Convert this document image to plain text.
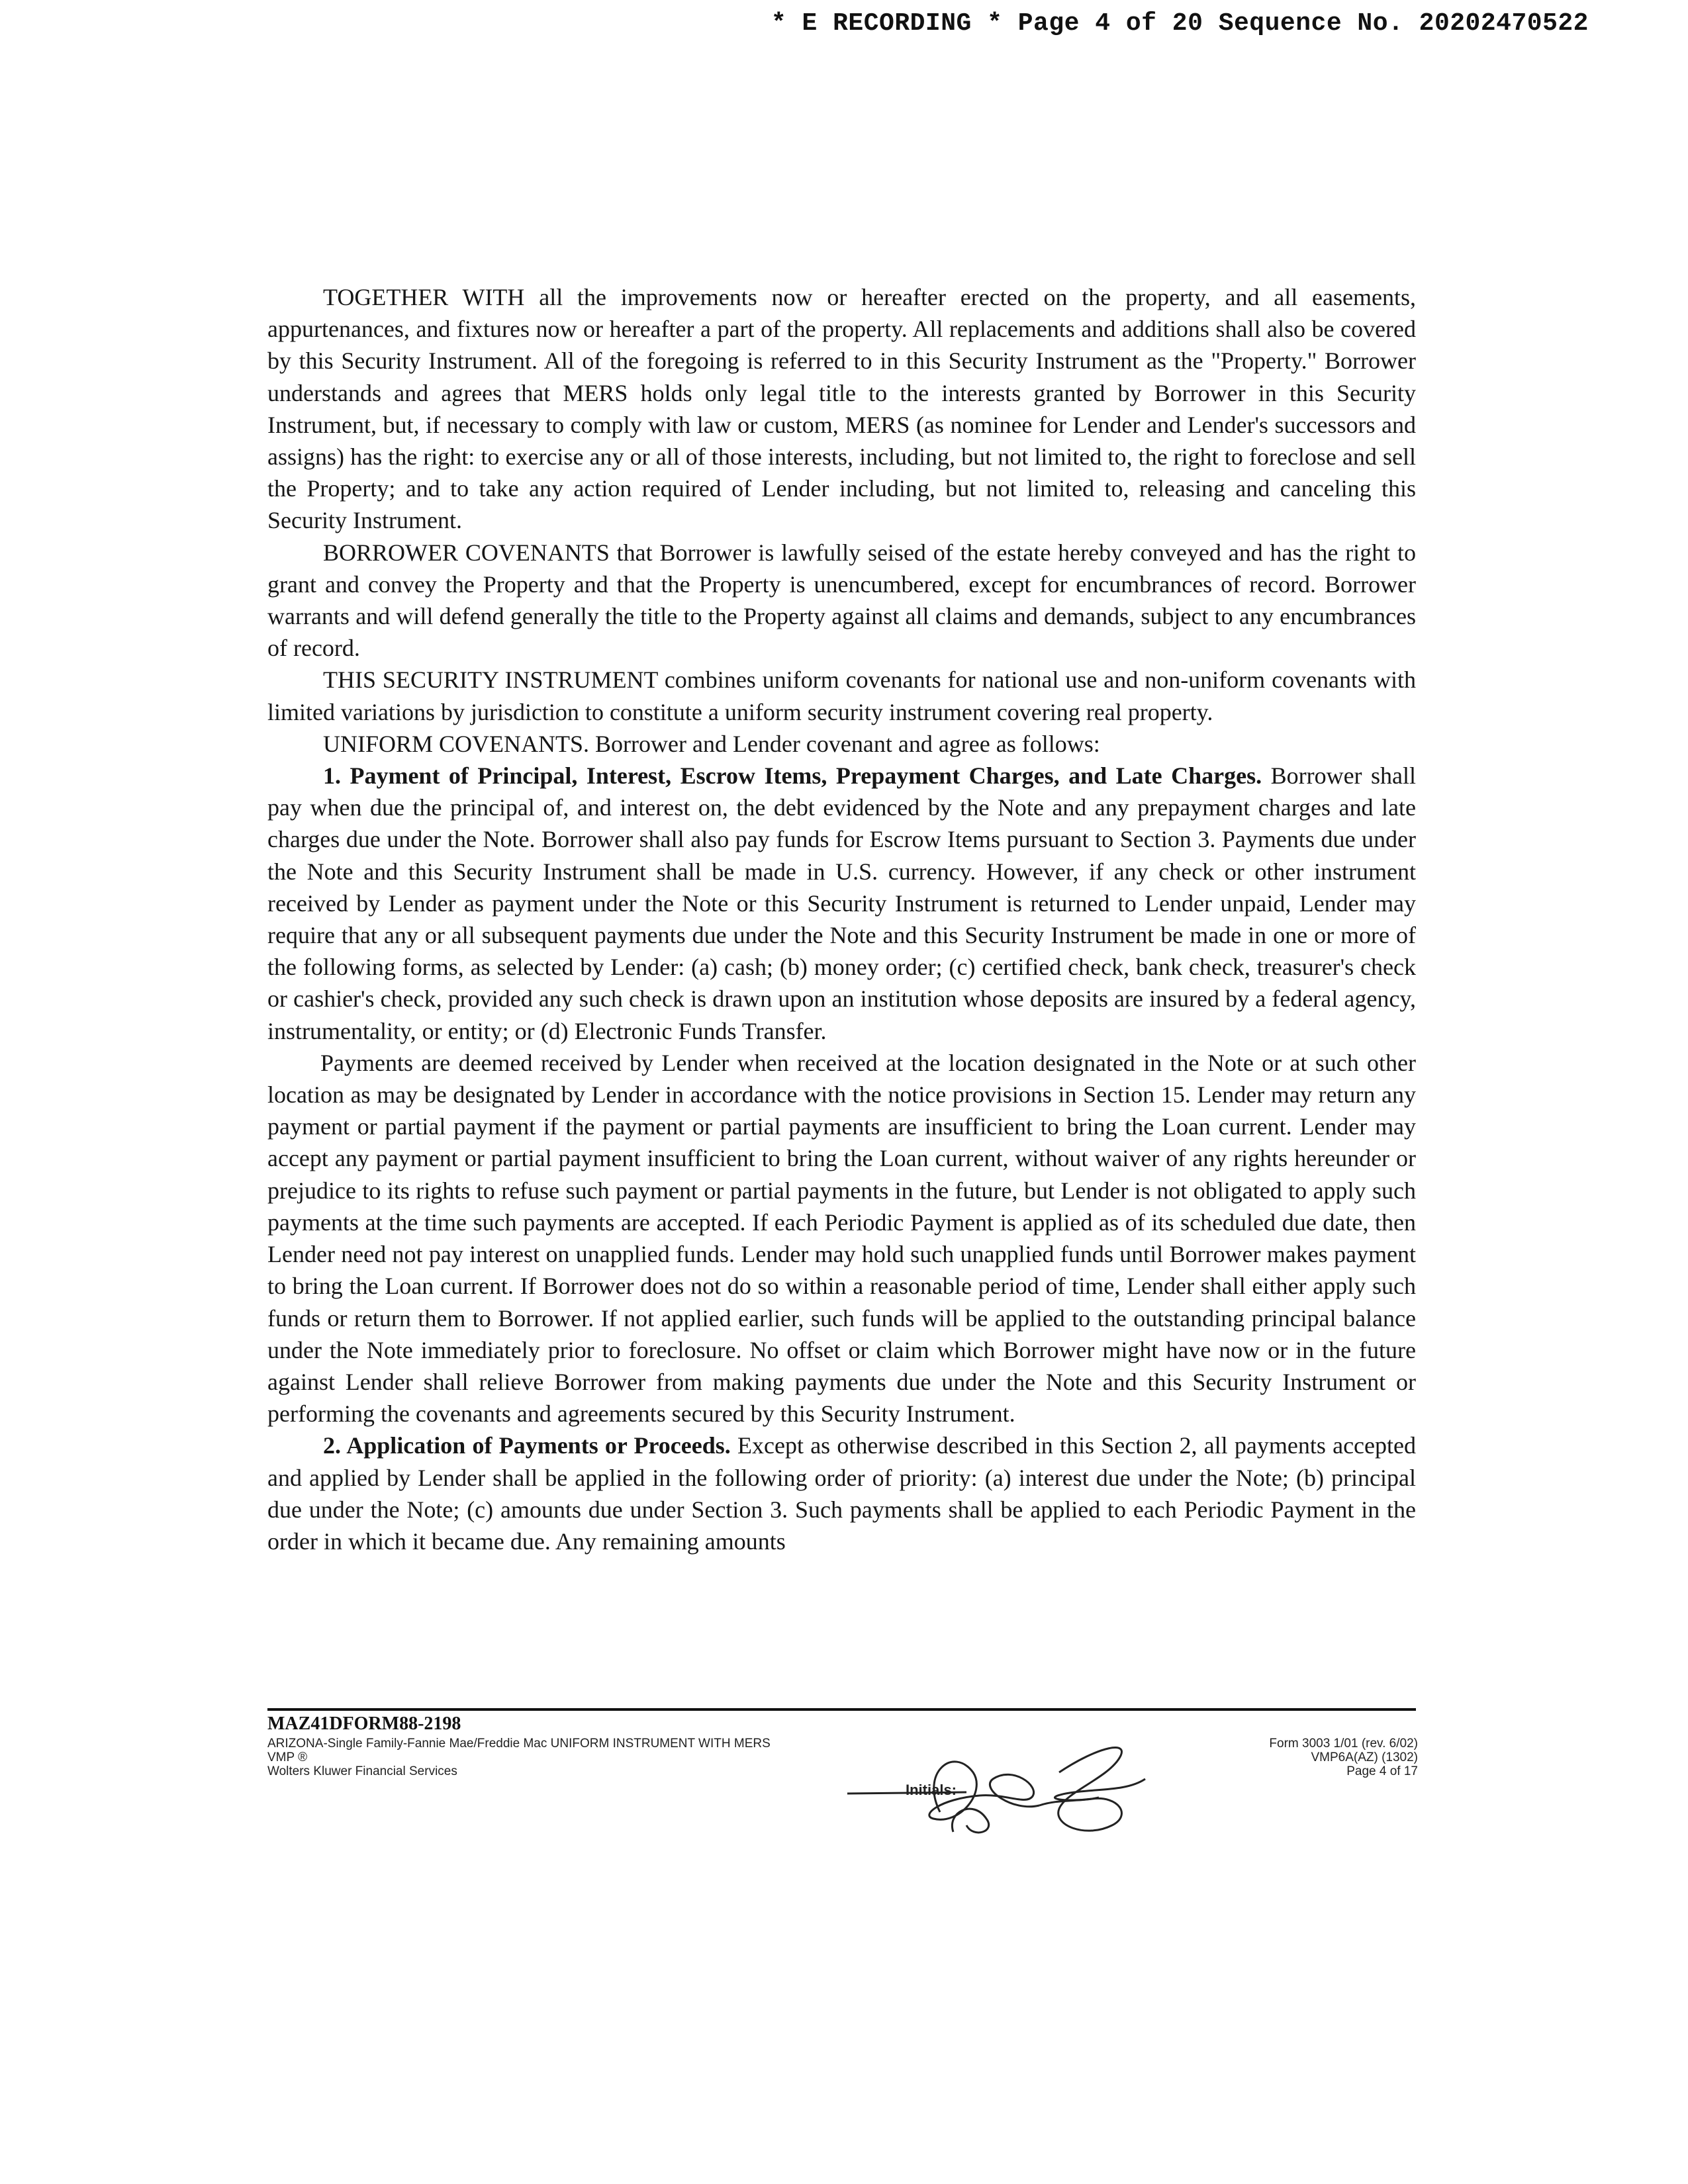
* E RECORDING * Page 4 of 20 Sequence No. 20202470522

TOGETHER WITH all the improvements now or hereafter erected on the property, and all easements, appurtenances, and fixtures now or hereafter a part of the property. All replacements and additions shall also be covered by this Security Instrument. All of the foregoing is referred to in this Security Instrument as the "Property." Borrower understands and agrees that MERS holds only legal title to the interests granted by Borrower in this Security Instrument, but, if necessary to comply with law or custom, MERS (as nominee for Lender and Lender's successors and assigns) has the right: to exercise any or all of those interests, including, but not limited to, the right to foreclose and sell the Property; and to take any action required of Lender including, but not limited to, releasing and canceling this Security Instrument.

BORROWER COVENANTS that Borrower is lawfully seised of the estate hereby conveyed and has the right to grant and convey the Property and that the Property is unencumbered, except for encumbrances of record. Borrower warrants and will defend generally the title to the Property against all claims and demands, subject to any encumbrances of record.

THIS SECURITY INSTRUMENT combines uniform covenants for national use and non-uniform covenants with limited variations by jurisdiction to constitute a uniform security instrument covering real property.

UNIFORM COVENANTS. Borrower and Lender covenant and agree as follows:

1. Payment of Principal, Interest, Escrow Items, Prepayment Charges, and Late Charges. Borrower shall pay when due the principal of, and interest on, the debt evidenced by the Note and any prepayment charges and late charges due under the Note. Borrower shall also pay funds for Escrow Items pursuant to Section 3. Payments due under the Note and this Security Instrument shall be made in U.S. currency. However, if any check or other instrument received by Lender as payment under the Note or this Security Instrument is returned to Lender unpaid, Lender may require that any or all subsequent payments due under the Note and this Security Instrument be made in one or more of the following forms, as selected by Lender: (a) cash; (b) money order; (c) certified check, bank check, treasurer's check or cashier's check, provided any such check is drawn upon an institution whose deposits are insured by a federal agency, instrumentality, or entity; or (d) Electronic Funds Transfer.

Payments are deemed received by Lender when received at the location designated in the Note or at such other location as may be designated by Lender in accordance with the notice provisions in Section 15. Lender may return any payment or partial payment if the payment or partial payments are insufficient to bring the Loan current. Lender may accept any payment or partial payment insufficient to bring the Loan current, without waiver of any rights hereunder or prejudice to its rights to refuse such payment or partial payments in the future, but Lender is not obligated to apply such payments at the time such payments are accepted. If each Periodic Payment is applied as of its scheduled due date, then Lender need not pay interest on unapplied funds. Lender may hold such unapplied funds until Borrower makes payment to bring the Loan current. If Borrower does not do so within a reasonable period of time, Lender shall either apply such funds or return them to Borrower. If not applied earlier, such funds will be applied to the outstanding principal balance under the Note immediately prior to foreclosure. No offset or claim which Borrower might have now or in the future against Lender shall relieve Borrower from making payments due under the Note and this Security Instrument or performing the covenants and agreements secured by this Security Instrument.

2. Application of Payments or Proceeds. Except as otherwise described in this Section 2, all payments accepted and applied by Lender shall be applied in the following order of priority: (a) interest due under the Note; (b) principal due under the Note; (c) amounts due under Section 3. Such payments shall be applied to each Periodic Payment in the order in which it became due. Any remaining amounts

MAZ41DFORM88-2198
ARIZONA-Single Family-Fannie Mae/Freddie Mac UNIFORM INSTRUMENT WITH MERS
VMP ®
Wolters Kluwer Financial Services
Initials:
Form 3003 1/01 (rev. 6/02)
VMP6A(AZ) (1302)
Page 4 of 17
